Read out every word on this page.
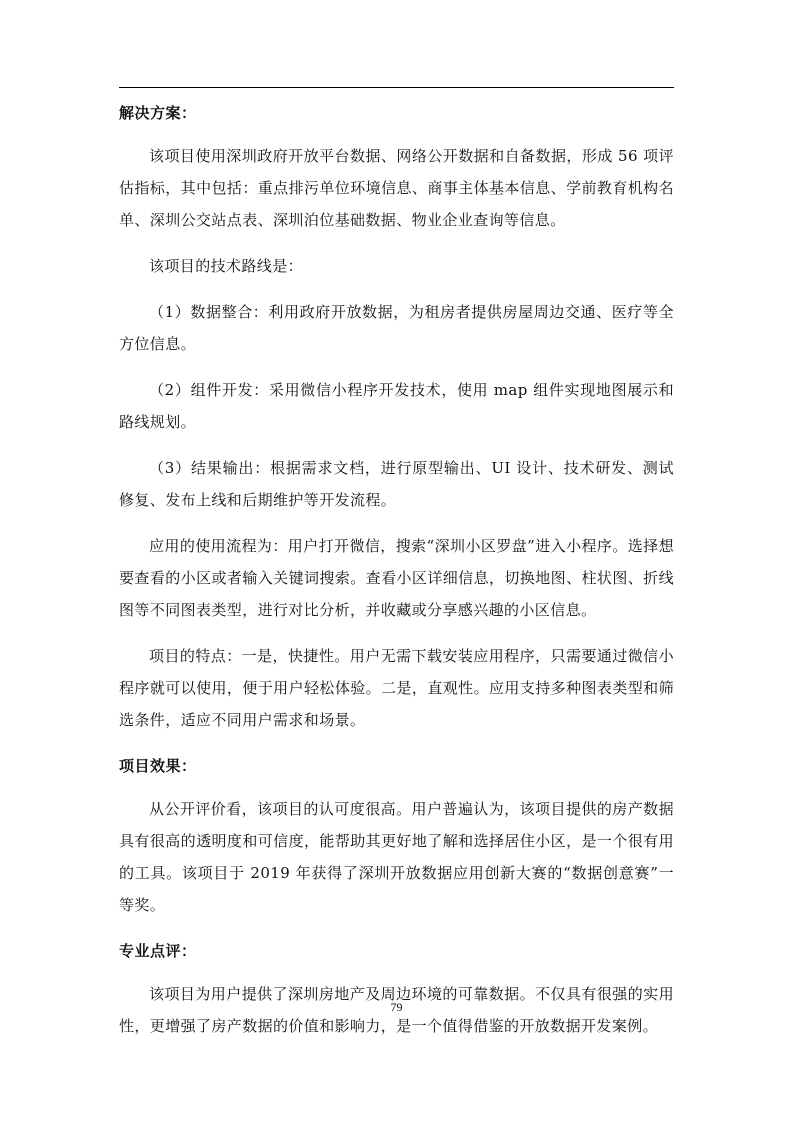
解决方案：

该项目使用深圳政府开放平台数据、网络公开数据和自备数据，形成 56 项评估指标，其中包括：重点排污单位环境信息、商事主体基本信息、学前教育机构名单、深圳公交站点表、深圳泊位基础数据、物业企业查询等信息。

该项目的技术路线是：

（1）数据整合：利用政府开放数据，为租房者提供房屋周边交通、医疗等全方位信息。

（2）组件开发：采用微信小程序开发技术，使用 map 组件实现地图展示和路线规划。

（3）结果输出：根据需求文档，进行原型输出、UI 设计、技术研发、测试修复、发布上线和后期维护等开发流程。

应用的使用流程为：用户打开微信，搜索“深圳小区罗盘”进入小程序。选择想要查看的小区或者输入关键词搜索。查看小区详细信息，切换地图、柱状图、折线图等不同图表类型，进行对比分析，并收藏或分享感兴趣的小区信息。

项目的特点：一是，快捷性。用户无需下载安装应用程序，只需要通过微信小程序就可以使用，便于用户轻松体验。二是，直观性。应用支持多种图表类型和筛选条件，适应不同用户需求和场景。

项目效果：

从公开评价看，该项目的认可度很高。用户普遍认为，该项目提供的房产数据具有很高的透明度和可信度，能帮助其更好地了解和选择居住小区，是一个很有用的工具。该项目于 2019 年获得了深圳开放数据应用创新大赛的“数据创意赛”一等奖。

专业点评：

该项目为用户提供了深圳房地产及周边环境的可靠数据。不仅具有很强的实用性，更增强了房产数据的价值和影响力，是一个值得借鉴的开放数据开发案例。

79
